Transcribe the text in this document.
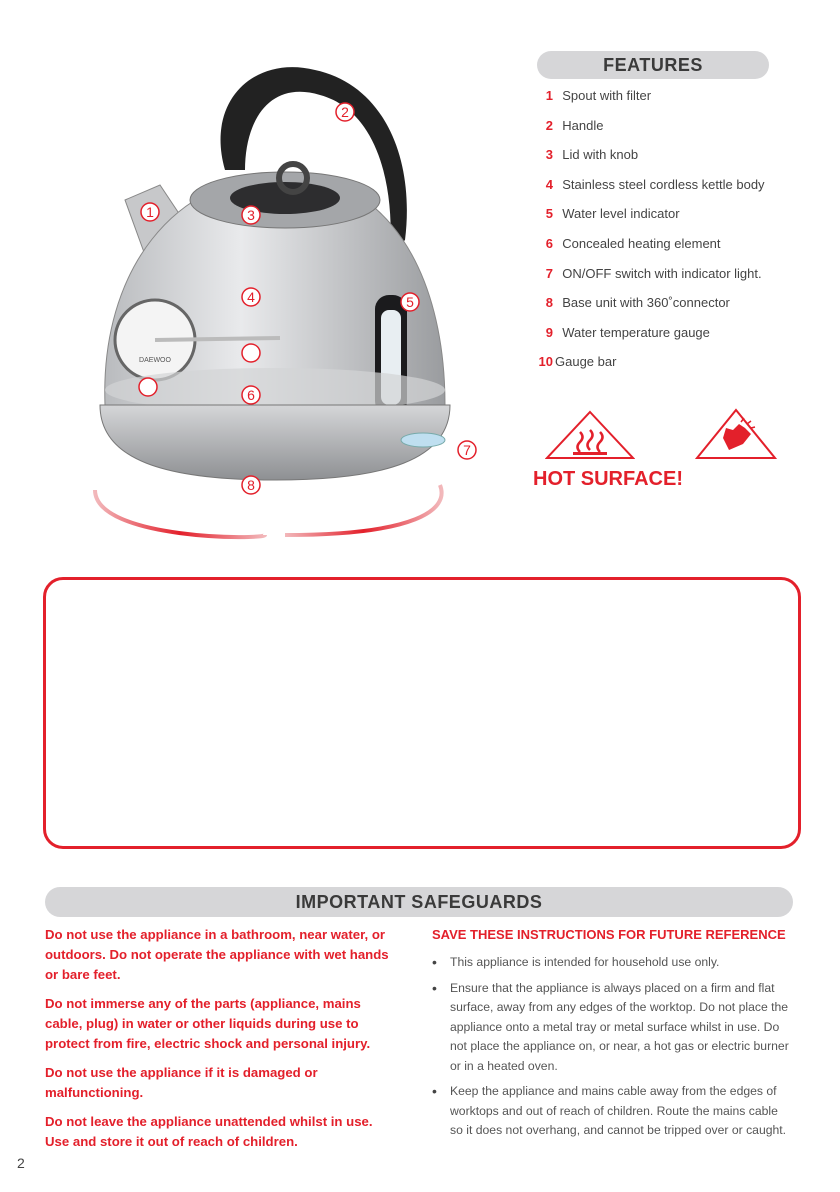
DAEWOO
1
2
3
4	5
6
7
8
FEATURES
1
Spout with filter
2
Handle
3
Lid with knob
4
Stainless steel cordless kettle body
5
Water level indicator
6
Concealed heating element
7
ON/OFF switch with indicator light.
8
Base unit with 360˚connector
9
Water temperature gauge
10 Gauge bar
HOT SURFACE!
IMPORTANT SAFEGUARDS

Do not use the appliance in a bathroom, near water, or outdoors. Do not operate the appliance with wet hands or bare feet.

Do not immerse any of the parts (appliance, mains cable, plug) in water or other liquids during use to protect from fire, electric shock and personal injury.

Do not use the appliance if it is damaged or malfunctioning.

Do not leave the appliance unattended whilst in use. Use and store it out of reach of children.

SAVE THESE INSTRUCTIONS FOR FUTURE REFERENCE

•	This appliance is intended for household use only.
•	Ensure that the appliance is always placed on a firm and flat surface, away from any edges of the worktop. Do not place the appliance onto a metal tray or metal surface whilst in use. Do not place the appliance on, or near, a hot gas or electric burner or in a heated oven.
•	Keep the appliance and mains cable away from the edges of worktops and out of reach of children. Route the mains cable so it does not overhang, and cannot be tripped over or caught.
2
